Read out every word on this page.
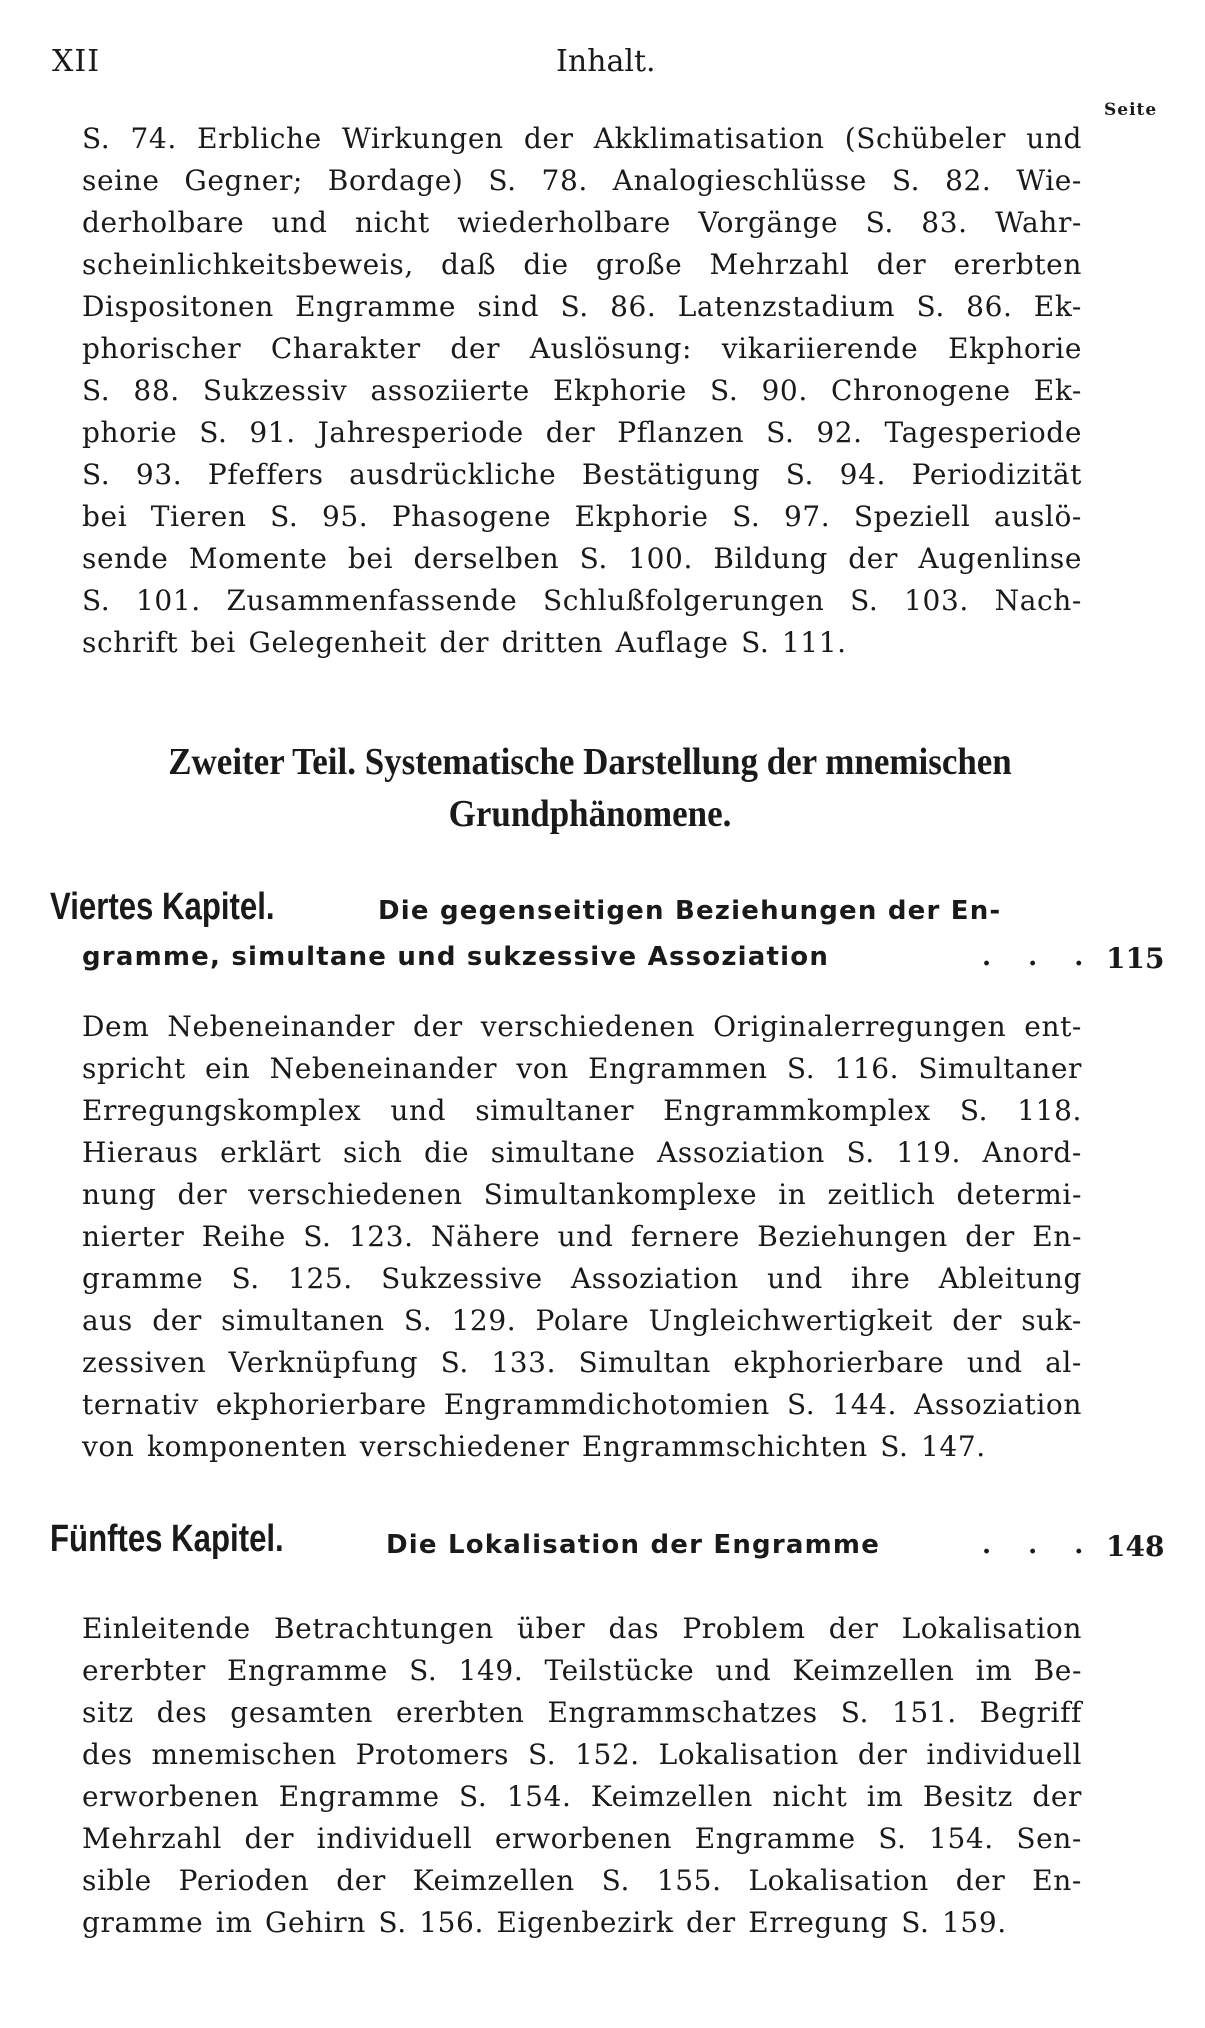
XII	Inhalt.
Seite
S. 74. Erbliche Wirkungen der Akklimatisation (Schübeler und
seine Gegner; Bordage) S. 78. Analogieschlüsse S. 82. Wie-
derholbare und nicht wiederholbare Vorgänge S. 83. Wahr-
scheinlichkeitsbeweis, daß die große Mehrzahl der ererbten
Dispositonen Engramme sind S. 86. Latenzstadium S. 86. Ek-
phorischer Charakter der Auslösung: vikariierende Ekphorie
S. 88. Sukzessiv assoziierte Ekphorie S. 90. Chronogene Ek-
phorie S. 91. Jahresperiode der Pflanzen S. 92. Tagesperiode
S. 93. Pfeffers ausdrückliche Bestätigung S. 94. Periodizität
bei Tieren S. 95. Phasogene Ekphorie S. 97. Speziell auslö-
sende Momente bei derselben S. 100. Bildung der Augenlinse
S. 101. Zusammenfassende Schlußfolgerungen S. 103. Nach-
schrift bei Gelegenheit der dritten Auflage S. 111.
Zweiter Teil. Systematische Darstellung der mnemischen
Grundphänomene.
Viertes Kapitel.	Die gegenseitigen Beziehungen der En-
gramme, simultane und sukzessive Assoziation	. . . 115
Dem Nebeneinander der verschiedenen Originalerregungen ent-
spricht ein Nebeneinander von Engrammen S. 116. Simultaner
Erregungskomplex und simultaner Engrammkomplex S. 118.
Hieraus erklärt sich die simultane Assoziation S. 119. Anord-
nung der verschiedenen Simultankomplexe in zeitlich determi-
nierter Reihe S. 123. Nähere und fernere Beziehungen der En-
gramme S. 125. Sukzessive Assoziation und ihre Ableitung
aus der simultanen S. 129. Polare Ungleichwertigkeit der suk-
zessiven Verknüpfung S. 133. Simultan ekphorierbare und al-
ternativ ekphorierbare Engrammdichotomien S. 144. Assoziation
von komponenten verschiedener Engrammschichten S. 147.
Fünftes Kapitel.	Die Lokalisation der Engramme	. . . 148
Einleitende Betrachtungen über das Problem der Lokalisation
ererbter Engramme S. 149. Teilstücke und Keimzellen im Be-
sitz des gesamten ererbten Engrammschatzes S. 151. Begriff
des mnemischen Protomers S. 152. Lokalisation der individuell
erworbenen Engramme S. 154. Keimzellen nicht im Besitz der
Mehrzahl der individuell erworbenen Engramme S. 154. Sen-
sible Perioden der Keimzellen S. 155. Lokalisation der En-
gramme im Gehirn S. 156. Eigenbezirk der Erregung S. 159.
